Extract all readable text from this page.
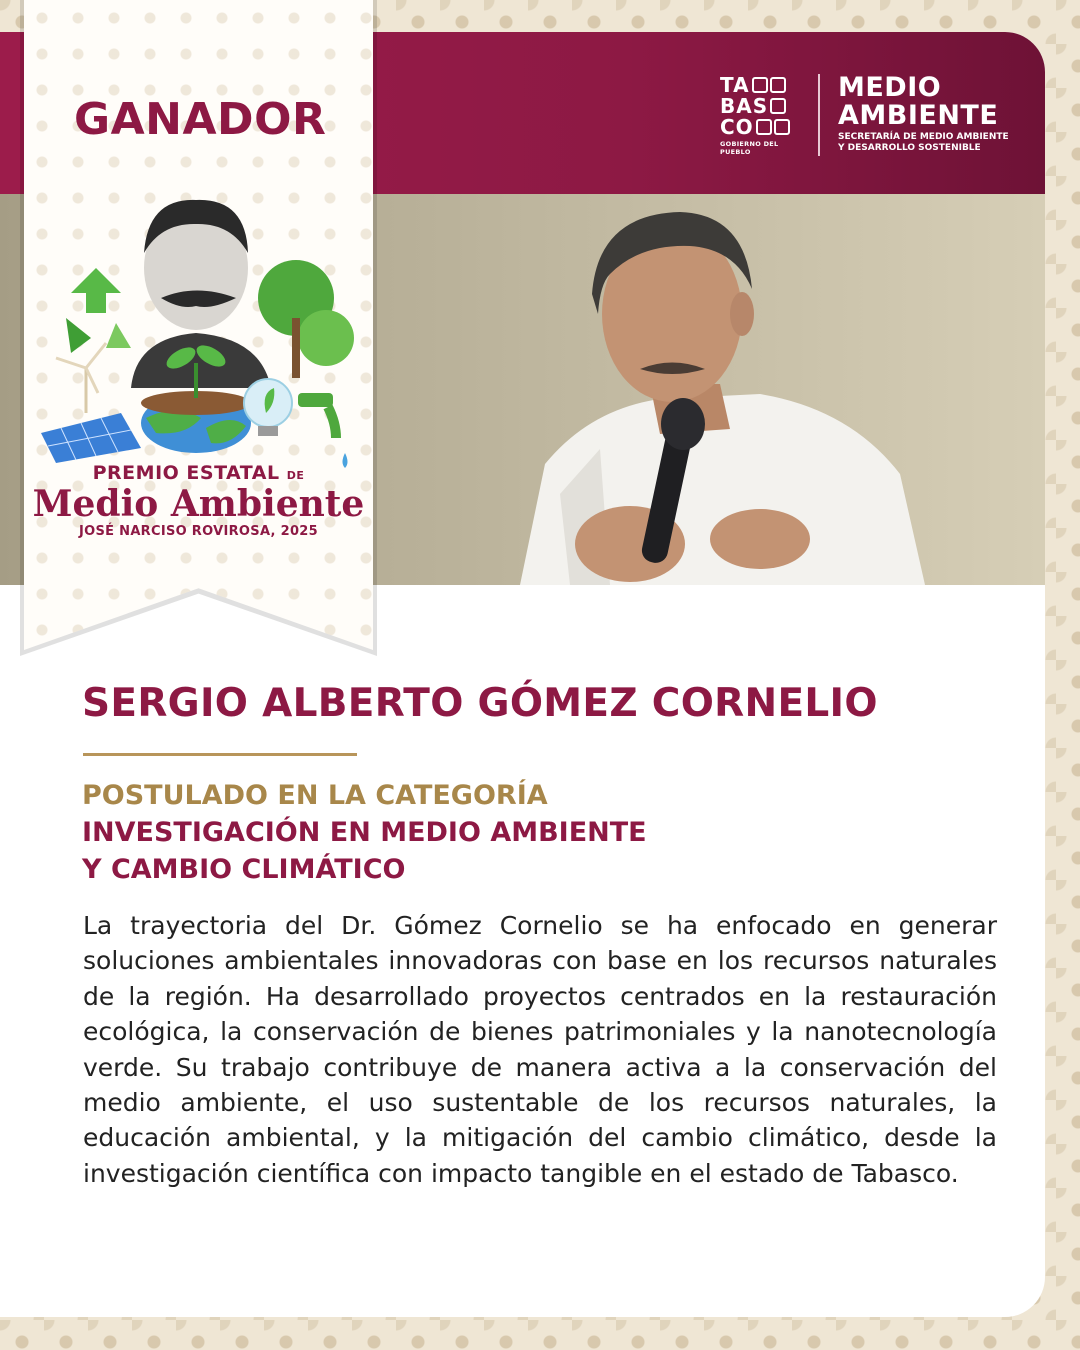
TA
BAS
CO
GOBIERNO DEL PUEBLO
MEDIO
AMBIENTE
SECRETARÍA DE MEDIO AMBIENTE
Y DESARROLLO SOSTENIBLE
GANADOR
PREMIO ESTATAL DE
Medio Ambiente
JOSÉ NARCISO ROVIROSA, 2025
SERGIO ALBERTO GÓMEZ CORNELIO
POSTULADO EN LA CATEGORÍA
INVESTIGACIÓN EN MEDIO AMBIENTE
Y CAMBIO CLIMÁTICO
La trayectoria del Dr. Gómez Cornelio se ha enfocado en generar soluciones ambientales innovadoras con base en los recursos naturales de la región. Ha desarrollado proyectos centrados en la restauración ecológica, la conservación de bienes patrimoniales y la nanotecnología verde. Su trabajo contribuye de manera activa a la conservación del medio ambiente, el uso sustentable de los recursos naturales, la educación ambiental, y la mitigación del cambio climático, desde la investigación científica con impacto tangible en el estado de Tabasco.
